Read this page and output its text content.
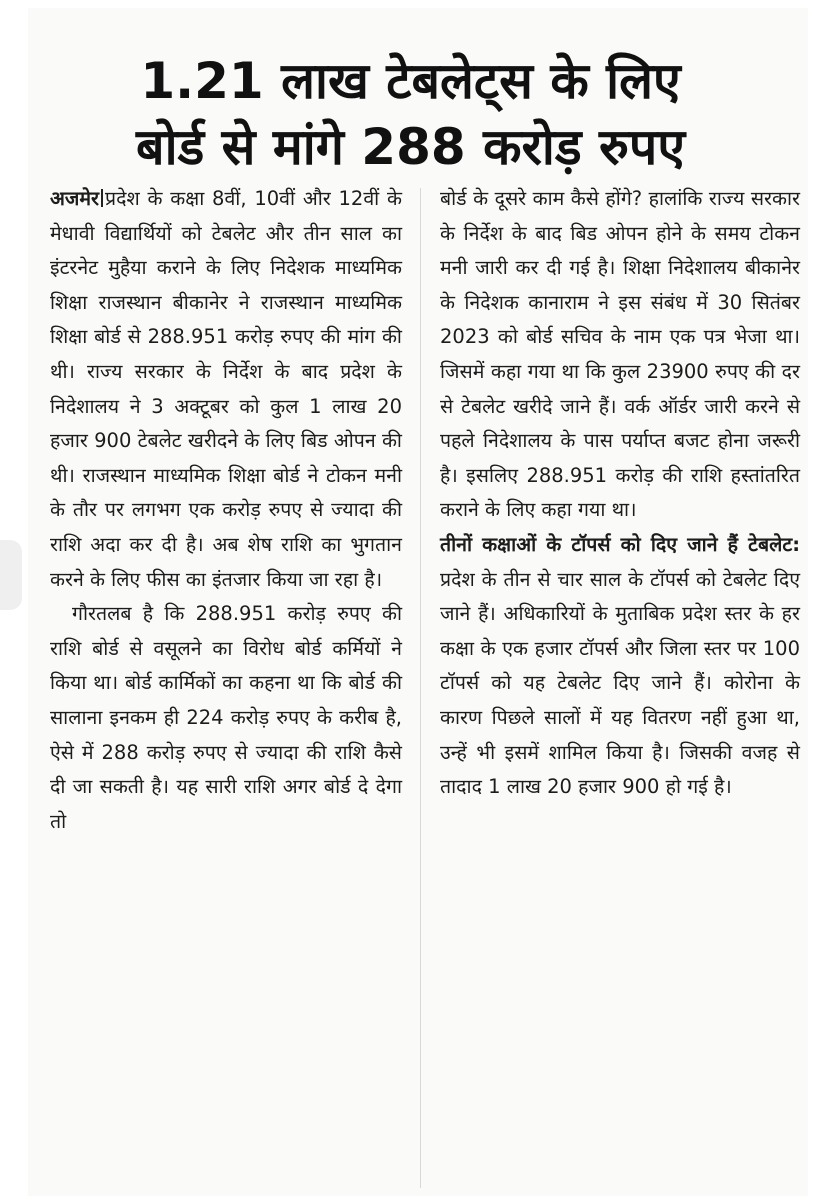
1.21 लाख टेबलेट्स के लिए
बोर्ड से मांगे 288 करोड़ रुपए

अजमेर प्रदेश के कक्षा 8वीं, 10वीं और 12वीं के मेधावी विद्यार्थियों को टेबलेट और तीन साल का इंटरनेट मुहैया कराने के लिए निदेशक माध्यमिक शिक्षा राजस्थान बीकानेर ने राजस्थान माध्यमिक शिक्षा बोर्ड से 288.951 करोड़ रुपए की मांग की थी। राज्य सरकार के निर्देश के बाद प्रदेश के निदेशालय ने 3 अक्टूबर को कुल 1 लाख 20 हजार 900 टेबलेट खरीदने के लिए बिड ओपन की थी। राजस्थान माध्यमिक शिक्षा बोर्ड ने टोकन मनी के तौर पर लगभग एक करोड़ रुपए से ज्यादा की राशि अदा कर दी है। अब शेष राशि का भुगतान करने के लिए फीस का इंतजार किया जा रहा है।

गौरतलब है कि 288.951 करोड़ रुपए की राशि बोर्ड से वसूलने का विरोध बोर्ड कर्मियों ने किया था। बोर्ड कार्मिकों का कहना था कि बोर्ड की सालाना इनकम ही 224 करोड़ रुपए के करीब है, ऐसे में 288 करोड़ रुपए से ज्यादा की राशि कैसे दी जा सकती है। यह सारी राशि अगर बोर्ड दे देगा तो

बोर्ड के दूसरे काम कैसे होंगे? हालांकि राज्य सरकार के निर्देश के बाद बिड ओपन होने के समय टोकन मनी जारी कर दी गई है। शिक्षा निदेशालय बीकानेर के निदेशक कानाराम ने इस संबंध में 30 सितंबर 2023 को बोर्ड सचिव के नाम एक पत्र भेजा था। जिसमें कहा गया था कि कुल 23900 रुपए की दर से टेबलेट खरीदे जाने हैं। वर्क ऑर्डर जारी करने से पहले निदेशालय के पास पर्याप्त बजट होना जरूरी है। इसलिए 288.951 करोड़ की राशि हस्तांतरित कराने के लिए कहा गया था।

तीनों कक्षाओं के टॉपर्स को दिए जाने हैं टेबलेट: प्रदेश के तीन से चार साल के टॉपर्स को टेबलेट दिए जाने हैं। अधिकारियों के मुताबिक प्रदेश स्तर के हर कक्षा के एक हजार टॉपर्स और जिला स्तर पर 100 टॉपर्स को यह टेबलेट दिए जाने हैं। कोरोना के कारण पिछले सालों में यह वितरण नहीं हुआ था, उन्हें भी इसमें शामिल किया है। जिसकी वजह से तादाद 1 लाख 20 हजार 900 हो गई है।
